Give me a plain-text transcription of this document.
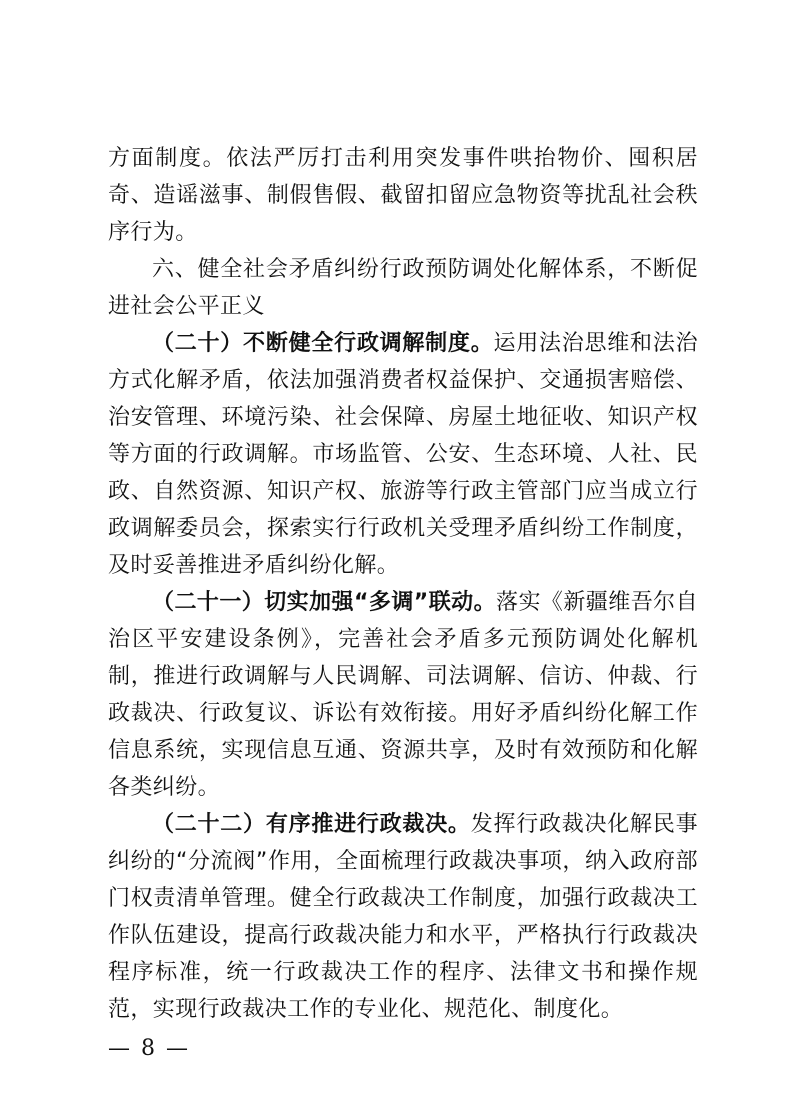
方面制度。依法严厉打击利用突发事件哄抬物价、囤积居奇、造谣滋事、制假售假、截留扣留应急物资等扰乱社会秩序行为。

六、健全社会矛盾纠纷行政预防调处化解体系，不断促进社会公平正义

（二十）不断健全行政调解制度。运用法治思维和法治方式化解矛盾，依法加强消费者权益保护、交通损害赔偿、治安管理、环境污染、社会保障、房屋土地征收、知识产权等方面的行政调解。市场监管、公安、生态环境、人社、民政、自然资源、知识产权、旅游等行政主管部门应当成立行政调解委员会，探索实行行政机关受理矛盾纠纷工作制度，及时妥善推进矛盾纠纷化解。

（二十一）切实加强“多调”联动。落实《新疆维吾尔自治区平安建设条例》，完善社会矛盾多元预防调处化解机制，推进行政调解与人民调解、司法调解、信访、仲裁、行政裁决、行政复议、诉讼有效衔接。用好矛盾纠纷化解工作信息系统，实现信息互通、资源共享，及时有效预防和化解各类纠纷。

（二十二）有序推进行政裁决。发挥行政裁决化解民事纠纷的“分流阀”作用，全面梳理行政裁决事项，纳入政府部门权责清单管理。健全行政裁决工作制度，加强行政裁决工作队伍建设，提高行政裁决能力和水平，严格执行行政裁决程序标准，统一行政裁决工作的程序、法律文书和操作规范，实现行政裁决工作的专业化、规范化、制度化。

— 8 —
